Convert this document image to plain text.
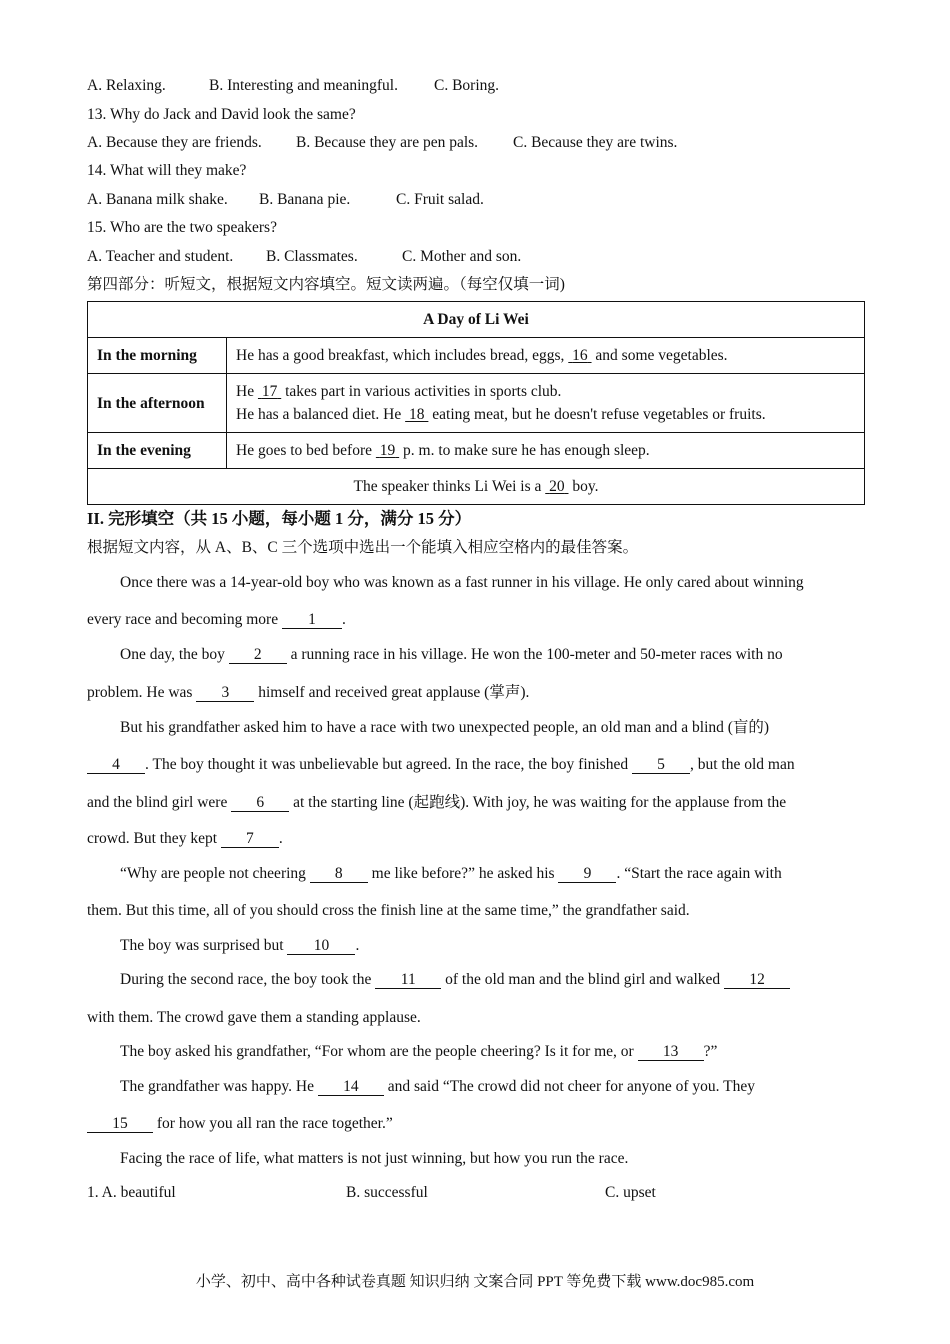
A. Relaxing.	B. Interesting and meaningful. C. Boring.
13. Why do Jack and David look the same?
A. Because they are friends. B. Because they are pen pals. C. Because they are twins.
14. What will they make?
A. Banana milk shake. B. Banana pie.	C. Fruit salad.
15. Who are the two speakers?
A. Teacher and student. B. Classmates.	C. Mother and son.
第四部分：听短文，根据短文内容填空。短文读两遍。（每空仅填一词)
A Day of Li Wei	
In the morning	He has a good breakfast, which includes bread, eggs,  16  and some vegetables.
In the afternoon	He  17  takes part in various activities in sports club.
He has a balanced diet. He  18  eating meat, but he doesn't refuse vegetables or fruits.

In the evening	He goes to bed before  19  p. m. to make sure he has enough sleep.
The speaker thinks Li Wei is a  20  boy.	
II. 完形填空（共 15 小题，每小题 1 分，满分 15 分）
根据短文内容，从 A、B、C 三个选项中选出一个能填入相应空格内的最佳答案。
Once there was a 14-year-old boy who was known as a fast runner in his village. He only cared about winning
every race and becoming more 1 .
One day, the boy 2 a running race in his village. He won the 100-meter and 50-meter races with no
problem. He was 3 himself and received great applause (掌声).
But his grandfather asked him to have a race with two unexpected people, an old man and a blind (盲的)
4 . The boy thought it was unbelievable but agreed. In the race, the boy finished 5 , but the old man
and the blind girl were 6 at the starting line (起跑线). With joy, he was waiting for the applause from the
crowd. But they kept 7 .
“Why are people not cheering 8 me like before?” he asked his 9 . “Start the race again with
them. But this time, all of you should cross the finish line at the same time,” the grandfather said.
The boy was surprised but 10 .
During the second race, the boy took the 11 of the old man and the blind girl and walked 12
with them. The crowd gave them a standing applause.
The boy asked his grandfather, “For whom are the people cheering? Is it for me, or 13 ?”
The grandfather was happy. He 14 and said “The crowd did not cheer for anyone of you. They
15 for how you all ran the race together.”
Facing the race of life, what matters is not just winning, but how you run the race.
1. A. beautiful	B. successful	C. upset
小学、初中、高中各种试卷真题 知识归纳 文案合同 PPT 等免费下载 www.doc985.com
